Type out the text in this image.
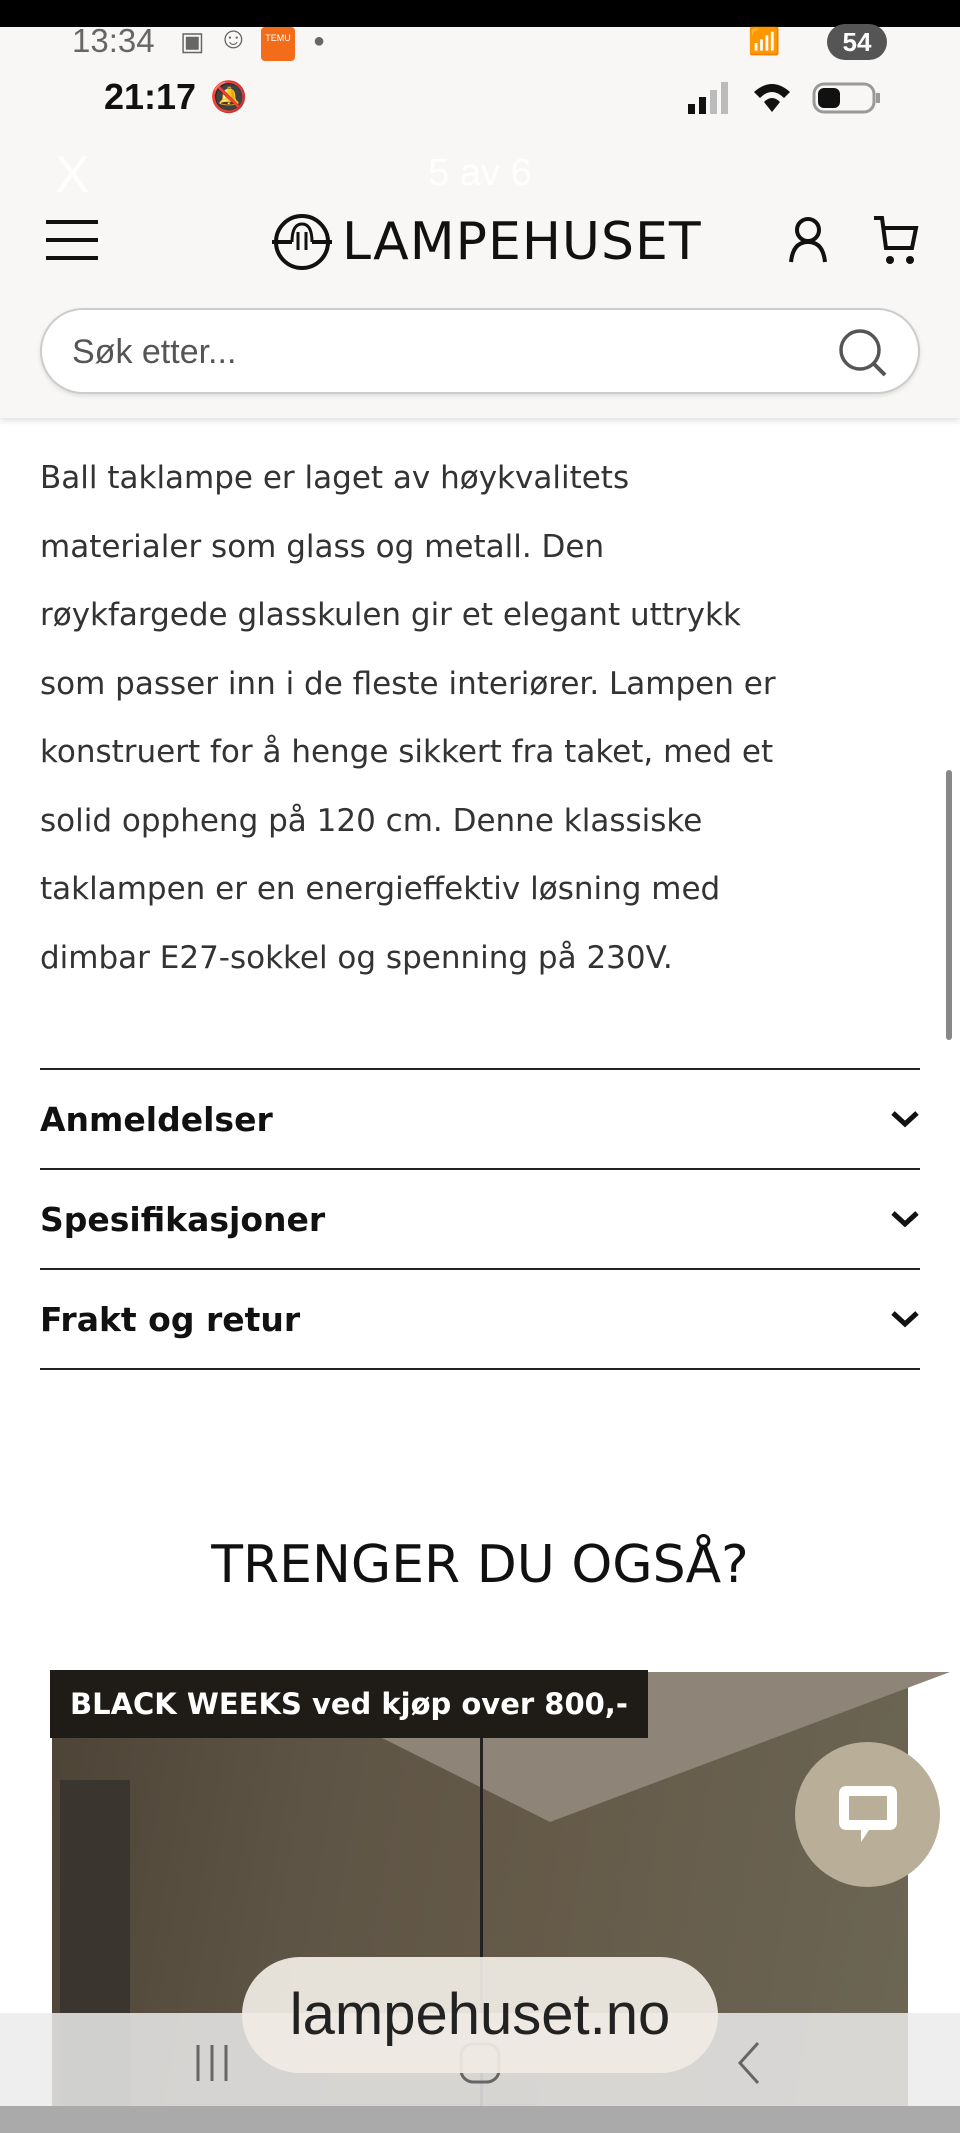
13:34 ▣ ☺	TEMU ●	📶	54
21:17 🔕
X	5 av 6
LAMPEHUSET
Søk etter...
Ball taklampe er laget av høykvalitets
materialer som glass og metall. Den
røykfargede glasskulen gir et elegant uttrykk
som passer inn i de fleste interiører. Lampen er
konstruert for å henge sikkert fra taket, med et
solid oppheng på 120 cm. Denne klassiske
taklampen er en energieffektiv løsning med
dimbar E27-sokkel og spenning på 230V.
Anmeldelser
Spesifikasjoner
Frakt og retur
TRENGER DU OGSÅ?
BLACK WEEKS ved kjøp over 800,-
lampehuset.no
